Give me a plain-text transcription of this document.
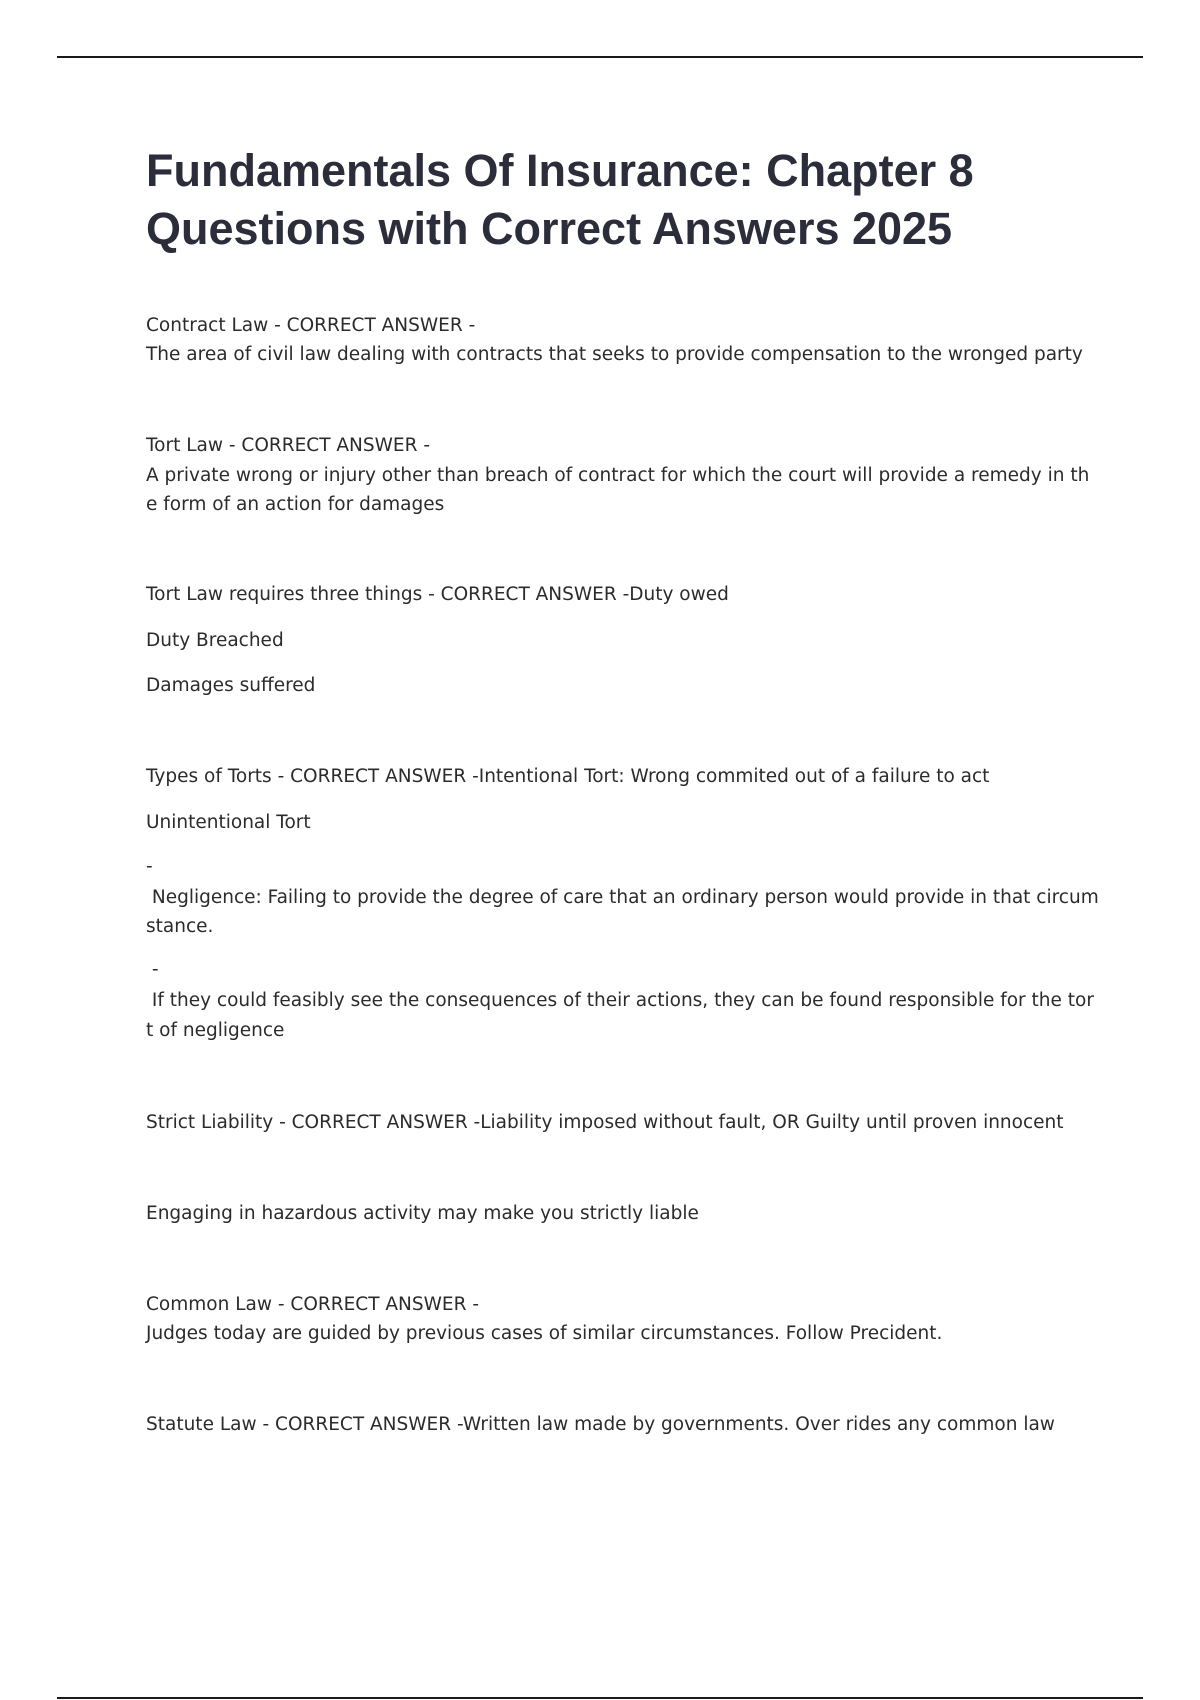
Fundamentals Of Insurance: Chapter 8
Questions with Correct Answers 2025
Contract Law - CORRECT ANSWER -
The area of civil law dealing with contracts that seeks to provide compensation to the wronged party
Tort Law - CORRECT ANSWER -
A private wrong or injury other than breach of contract for which the court will provide a remedy in th
e form of an action for damages
Tort Law requires three things - CORRECT ANSWER -Duty owed
Duty Breached
Damages suffered
Types of Torts - CORRECT ANSWER -Intentional Tort: Wrong commited out of a failure to act
Unintentional Tort
-
Negligence: Failing to provide the degree of care that an ordinary person would provide in that circum
stance.
-
If they could feasibly see the consequences of their actions, they can be found responsible for the tor
t of negligence
Strict Liability - CORRECT ANSWER -Liability imposed without fault, OR Guilty until proven innocent
Engaging in hazardous activity may make you strictly liable
Common Law - CORRECT ANSWER -
Judges today are guided by previous cases of similar circumstances. Follow Precident.
Statute Law - CORRECT ANSWER -Written law made by governments. Over rides any common law
